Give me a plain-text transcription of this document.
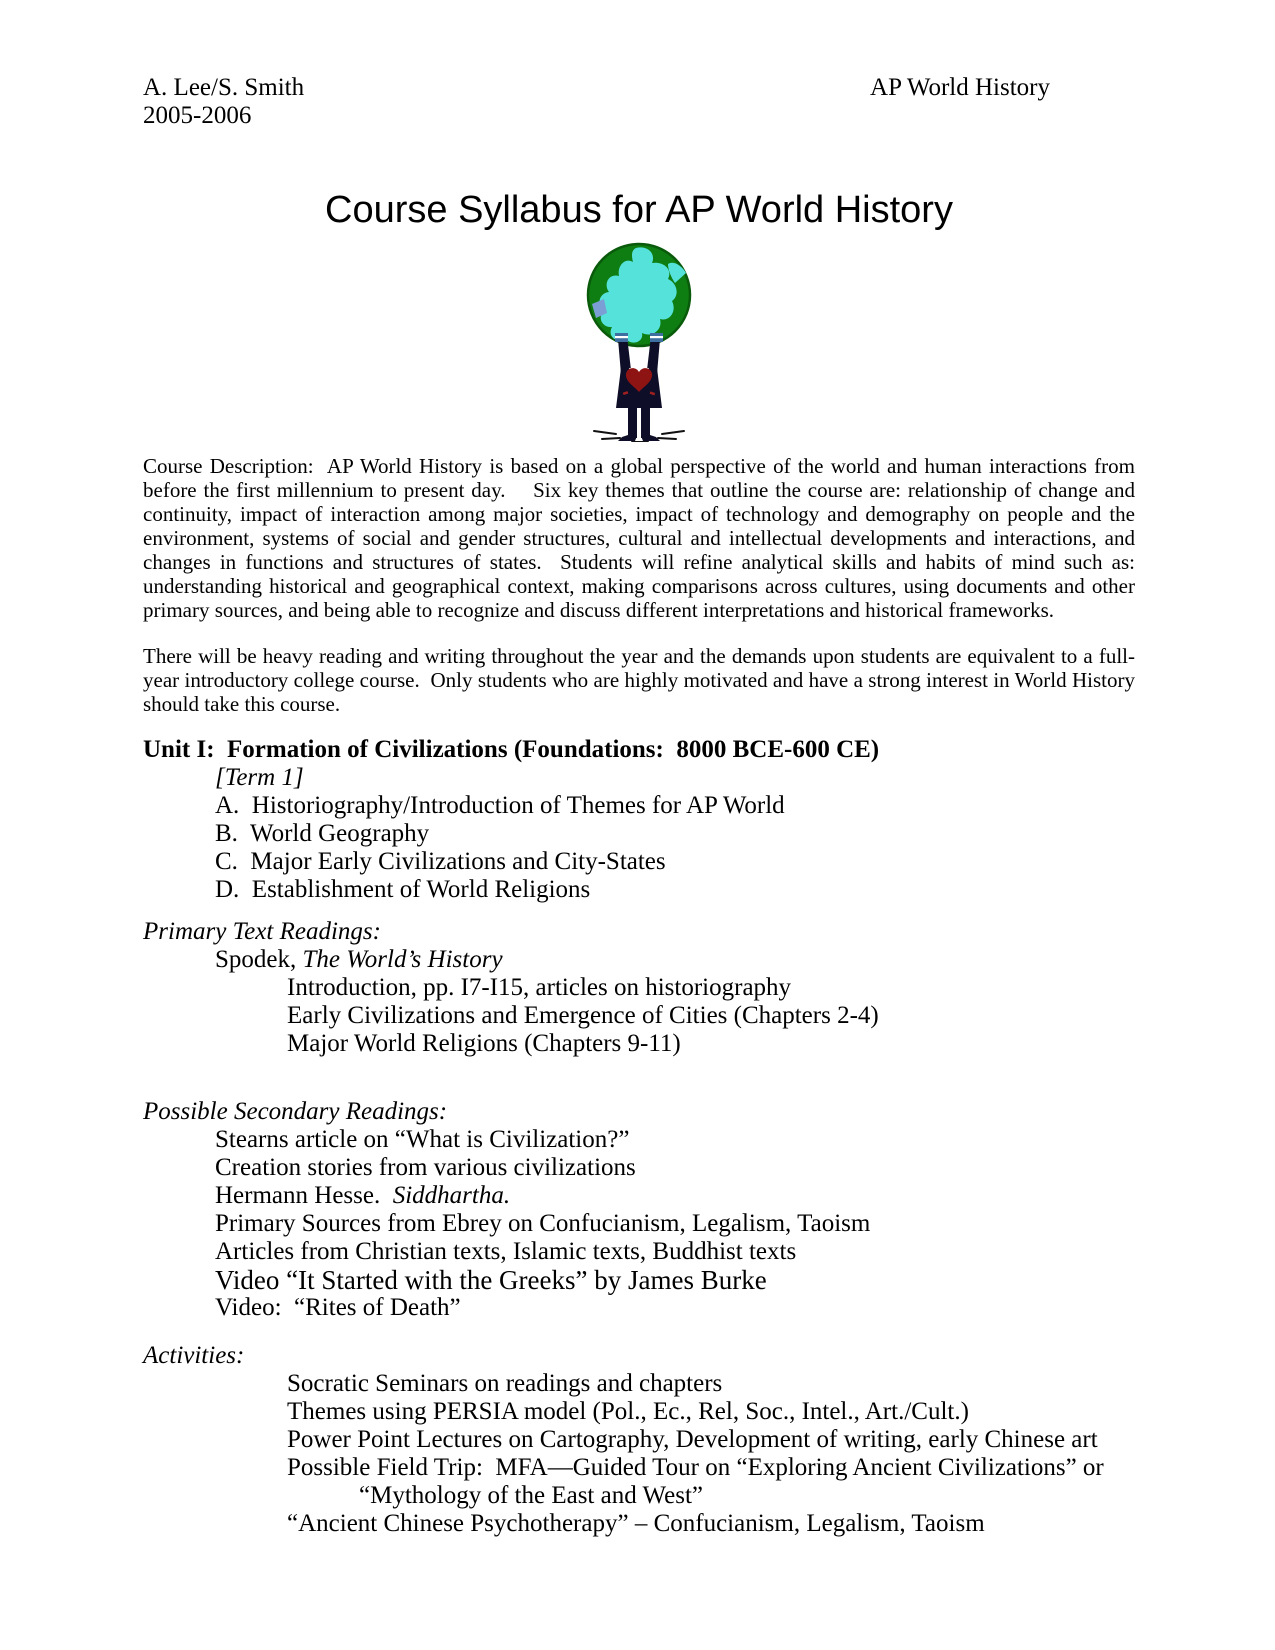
A. Lee/S. Smith
2005-2006
AP World History
Course Syllabus for AP World History

Course Description:  AP World History is based on a global perspective of the world and human interactions from before the first millennium to present day.    Six key themes that outline the course are: relationship of change and continuity, impact of interaction among major societies, impact of technology and demography on people and the environment, systems of social and gender structures, cultural and intellectual developments and interactions, and changes in functions and structures of states.  Students will refine analytical skills and habits of mind such as: understanding historical and geographical context, making comparisons across cultures, using documents and other primary sources, and being able to recognize and discuss different interpretations and historical frameworks.

There will be heavy reading and writing throughout the year and the demands upon students are equivalent to a full-year introductory college course.  Only students who are highly motivated and have a strong interest in World History should take this course.

Unit I:  Formation of Civilizations (Foundations:  8000 BCE-600 CE)
[Term 1]
A.  Historiography/Introduction of Themes for AP World
B.  World Geography
C.  Major Early Civilizations and City-States
D.  Establishment of World Religions
Primary Text Readings:
Spodek, The World’s History
Introduction, pp. I7-I15, articles on historiography
Early Civilizations and Emergence of Cities (Chapters 2-4)
Major World Religions (Chapters 9-11)
Possible Secondary Readings:
Stearns article on “What is Civilization?”
Creation stories from various civilizations
Hermann Hesse.  Siddhartha.
Primary Sources from Ebrey on Confucianism, Legalism, Taoism
Articles from Christian texts, Islamic texts, Buddhist texts
Video “It Started with the Greeks” by James Burke
Video:  “Rites of Death”
Activities:
Socratic Seminars on readings and chapters
Themes using PERSIA model (Pol., Ec., Rel, Soc., Intel., Art./Cult.)
Power Point Lectures on Cartography, Development of writing, early Chinese art
Possible Field Trip:  MFA—Guided Tour on “Exploring Ancient Civilizations” or
“Mythology of the East and West”
“Ancient Chinese Psychotherapy” – Confucianism, Legalism, Taoism
